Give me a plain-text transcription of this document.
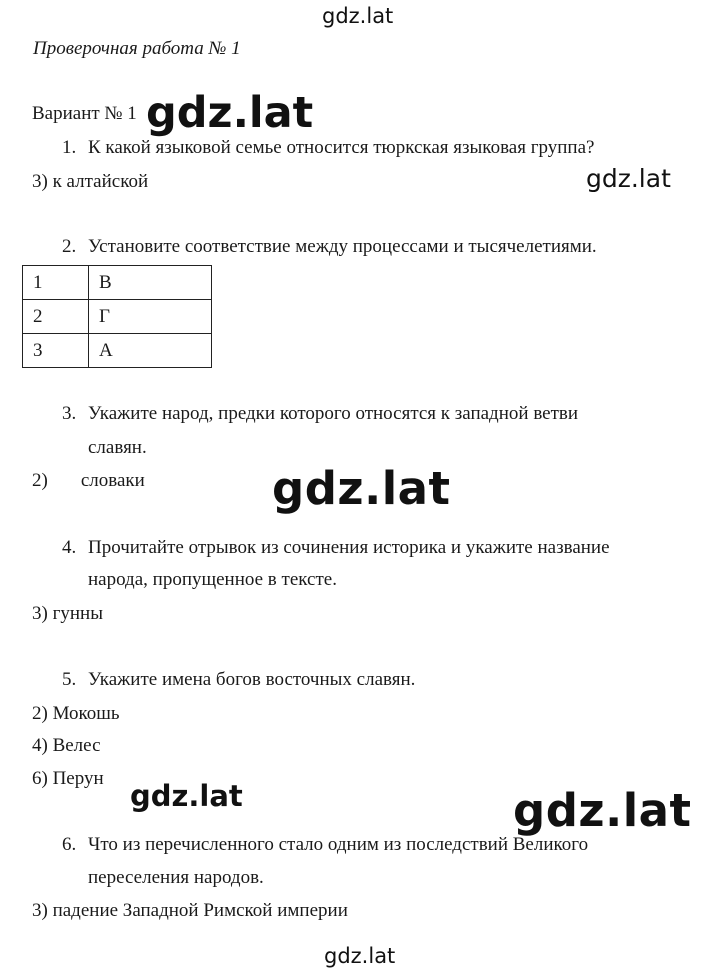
gdz.lat
Проверочная работа № 1
Вариант № 1 gdz.lat
1. К какой языковой семье относится тюркская языковая группа?
3) к алтайской	gdz.lat
2. Установите соответствие между процессами и тысячелетиями.
1	В
2	Г
3	А
3. Укажите народ, предки которого относятся к западной ветви
славян.
2) словаки	gdz.lat
4. Прочитайте отрывок из сочинения историка и укажите название
народа, пропущенное в тексте.
3) гунны
5. Укажите имена богов восточных славян.
2) Мокошь
4) Велес
6) Перун
gdz.lat	gdz.lat
6. Что из перечисленного стало одним из последствий Великого
переселения народов.
3) падение Западной Римской империи
gdz.lat
